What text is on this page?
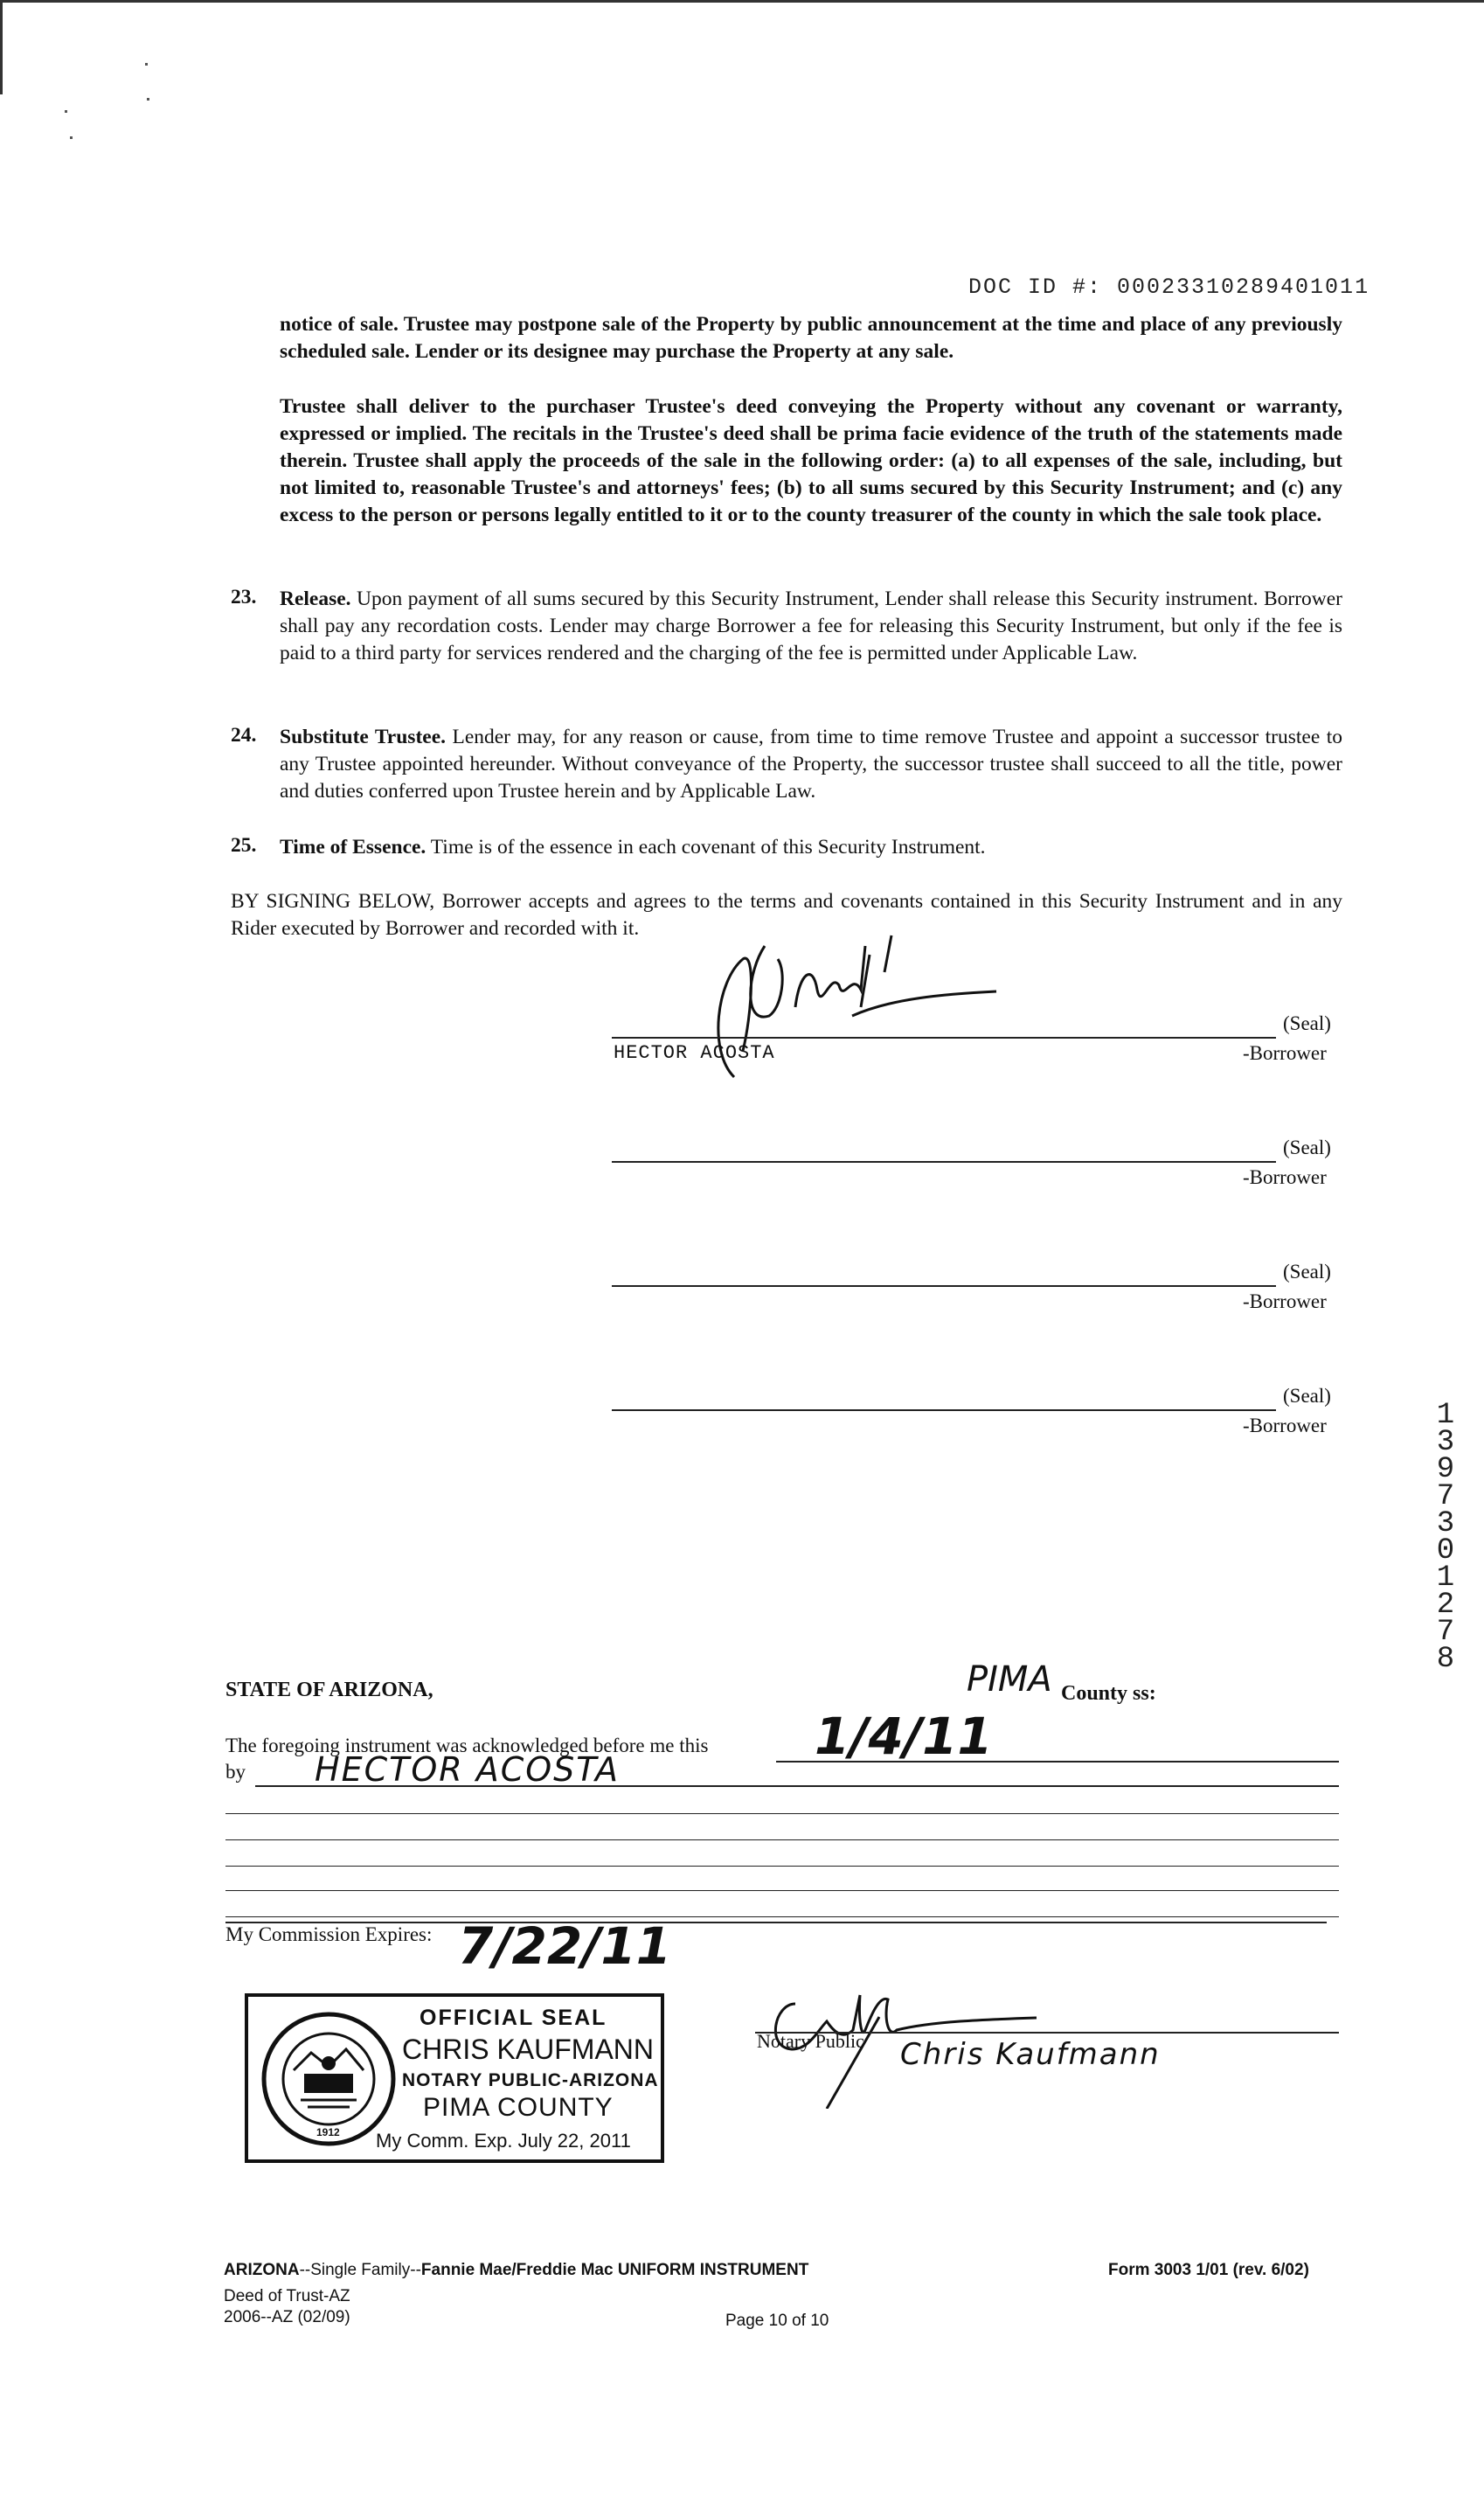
DOC ID #: 00023310289401011
notice of sale. Trustee may postpone sale of the Property by public announcement at the time and place of any previously scheduled sale. Lender or its designee may purchase the Property at any sale.
Trustee shall deliver to the purchaser Trustee's deed conveying the Property without any covenant or warranty, expressed or implied. The recitals in the Trustee's deed shall be prima facie evidence of the truth of the statements made therein. Trustee shall apply the proceeds of the sale in the following order: (a) to all expenses of the sale, including, but not limited to, reasonable Trustee's and attorneys' fees; (b) to all sums secured by this Security Instrument; and (c) any excess to the person or persons legally entitled to it or to the county treasurer of the county in which the sale took place.
23. Release. Upon payment of all sums secured by this Security Instrument, Lender shall release this Security instrument. Borrower shall pay any recordation costs. Lender may charge Borrower a fee for releasing this Security Instrument, but only if the fee is paid to a third party for services rendered and the charging of the fee is permitted under Applicable Law.
24. Substitute Trustee. Lender may, for any reason or cause, from time to time remove Trustee and appoint a successor trustee to any Trustee appointed hereunder. Without conveyance of the Property, the successor trustee shall succeed to all the title, power and duties conferred upon Trustee herein and by Applicable Law.
25. Time of Essence. Time is of the essence in each covenant of this Security Instrument.
BY SIGNING BELOW, Borrower accepts and agrees to the terms and covenants contained in this Security Instrument and in any Rider executed by Borrower and recorded with it.
(Seal)
HECTOR ACOSTA	-Borrower
(Seal)
-Borrower
(Seal)
-Borrower
(Seal)
-Borrower	13973 01278
STATE OF ARIZONA,	PIMA County ss:
The foregoing instrument was acknowledged before me this 1/4/11
by HECTOR ACOSTA
My Commission Expires: 7/22/11
1912
OFFICIAL SEAL
CHRIS KAUFMANN
NOTARY PUBLIC-ARIZONA
PIMA COUNTY
My Comm. Exp. July 22, 2011
Notary Public Chris Kaufmann
ARIZONA--Single Family--Fannie Mae/Freddie Mac UNIFORM INSTRUMENT	Form 3003 1/01 (rev. 6/02)
Deed of Trust-AZ
2006--AZ (02/09)	Page 10 of 10
